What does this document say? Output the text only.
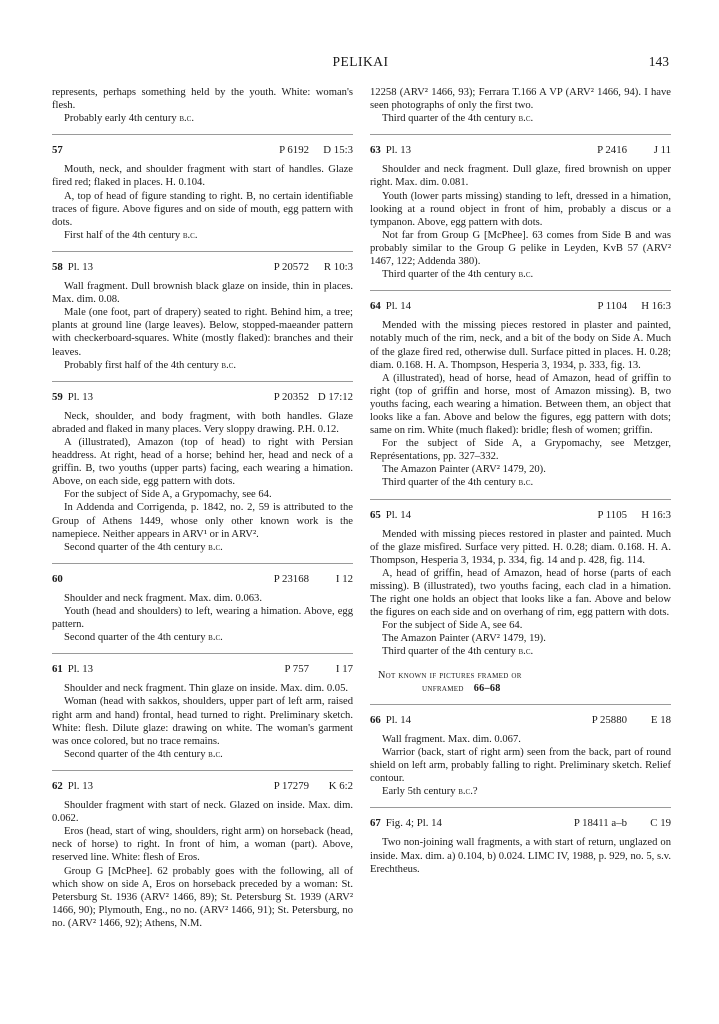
PELIKAI	143

represents, perhaps something held by the youth. White: woman's flesh.

Probably early 4th century b.c.

57	P 6192	D 15:3

Mouth, neck, and shoulder fragment with start of handles. Glaze fired red; flaked in places. H. 0.104.

A, top of head of figure standing to right. B, no certain identifiable traces of figure. Above figures and on side of mouth, egg pattern with dots.

First half of the 4th century b.c.

58 Pl. 13	P 20572	R 10:3

Wall fragment. Dull brownish black glaze on inside, thin in places. Max. dim. 0.08.

Male (one foot, part of drapery) seated to right. Behind him, a tree; plants at ground line (large leaves). Below, stopped-maeander pattern with checkerboard-squares. White (mostly flaked): branches and their leaves.

Probably first half of the 4th century b.c.

59 Pl. 13	P 20352 D 17:12

Neck, shoulder, and body fragment, with both handles. Glaze abraded and flaked in many places. Very sloppy drawing. P.H. 0.12.

A (illustrated), Amazon (top of head) to right with Persian headdress. At right, head of a horse; behind her, head and neck of a griffin. B, two youths (upper parts) facing, each wearing a himation. Above, on each side, egg pattern with dots.

For the subject of Side A, a Grypomachy, see 64.

In Addenda and Corrigenda, p. 1842, no. 2, 59 is attributed to the Group of Athens 1449, whose only other known work is the namepiece. Neither appears in ARV¹ or in ARV².

Second quarter of the 4th century b.c.

60	P 23168	I 12

Shoulder and neck fragment. Max. dim. 0.063.

Youth (head and shoulders) to left, wearing a himation. Above, egg pattern.

Second quarter of the 4th century b.c.

61 Pl. 13	P 757	I 17

Shoulder and neck fragment. Thin glaze on inside. Max. dim. 0.05.

Woman (head with sakkos, shoulders, upper part of left arm, raised right arm and hand) frontal, head turned to right. Preliminary sketch. White: flesh. Dilute glaze: drawing on white. The woman's garment was once colored, but no trace remains.

Second quarter of the 4th century b.c.

62 Pl. 13	P 17279	K 6:2

Shoulder fragment with start of neck. Glazed on inside. Max. dim. 0.062.

Eros (head, start of wing, shoulders, right arm) on horseback (head, neck of horse) to right. In front of him, a woman (part). Above, reserved line. White: flesh of Eros.

Group G [McPhee]. 62 probably goes with the following, all of which show on side A, Eros on horseback preceded by a woman: St. Petersburg St. 1936 (ARV² 1466, 89); St. Petersburg St. 1939 (ARV² 1466, 90); Plymouth, Eng., no no. (ARV² 1466, 91); St. Petersburg, no no. (ARV² 1466, 92); Athens, N.M.

12258 (ARV² 1466, 93); Ferrara T.166 A VP (ARV² 1466, 94). I have seen photographs of only the first two.

Third quarter of the 4th century b.c.

63 Pl. 13	P 2416	J 11

Shoulder and neck fragment. Dull glaze, fired brownish on upper right. Max. dim. 0.081.

Youth (lower parts missing) standing to left, dressed in a himation, looking at a round object in front of him, probably a discus or a tympanon. Above, egg pattern with dots.

Not far from Group G [McPhee]. 63 comes from Side B and was probably similar to the Group G pelike in Leyden, KvB 57 (ARV² 1467, 122; Addenda 380).

Third quarter of the 4th century b.c.

64 Pl. 14	P 1104	H 16:3

Mended with the missing pieces restored in plaster and painted, notably much of the rim, neck, and a bit of the body on Side A. Much of the glaze fired red, otherwise dull. Surface pitted in places. H. 0.28; diam. 0.168. H. A. Thompson, Hesperia 3, 1934, p. 333, fig. 13.

A (illustrated), head of horse, head of Amazon, head of griffin to right (top of griffin and horse, most of Amazon missing). B, two youths facing, each wearing a himation. Between them, an object that looks like a fan. Above and below the figures, egg pattern with dots; same on rim. White (much flaked): bridle; flesh of women; griffin.

For the subject of Side A, a Grypomachy, see Metzger, Représentations, pp. 327–332.

The Amazon Painter (ARV² 1479, 20).

Third quarter of the 4th century b.c.

65 Pl. 14	P 1105	H 16:3

Mended with missing pieces restored in plaster and painted. Much of the glaze misfired. Surface very pitted. H. 0.28; diam. 0.168. H. A. Thompson, Hesperia 3, 1934, p. 334, fig. 14 and p. 428, fig. 114.

A, head of griffin, head of Amazon, head of horse (parts of each missing). B (illustrated), two youths facing, each clad in a himation. The right one holds an object that looks like a fan. Above and below the figures on each side and on overhang of rim, egg pattern with dots.

For the subject of Side A, see 64.

The Amazon Painter (ARV² 1479, 19).

Third quarter of the 4th century b.c.

Not known if pictures framed or
unframed 66–68
66 Pl. 14	P 25880	E 18

Wall fragment. Max. dim. 0.067.

Warrior (back, start of right arm) seen from the back, part of round shield on left arm, probably falling to right. Preliminary sketch. Relief contour.

Early 5th century b.c.?

67 Fig. 4; Pl. 14	P 18411 a–b	C 19

Two non-joining wall fragments, a with start of return, unglazed on inside. Max. dim. a) 0.104, b) 0.024. LIMC IV, 1988, p. 929, no. 5, s.v. Erechtheus.
